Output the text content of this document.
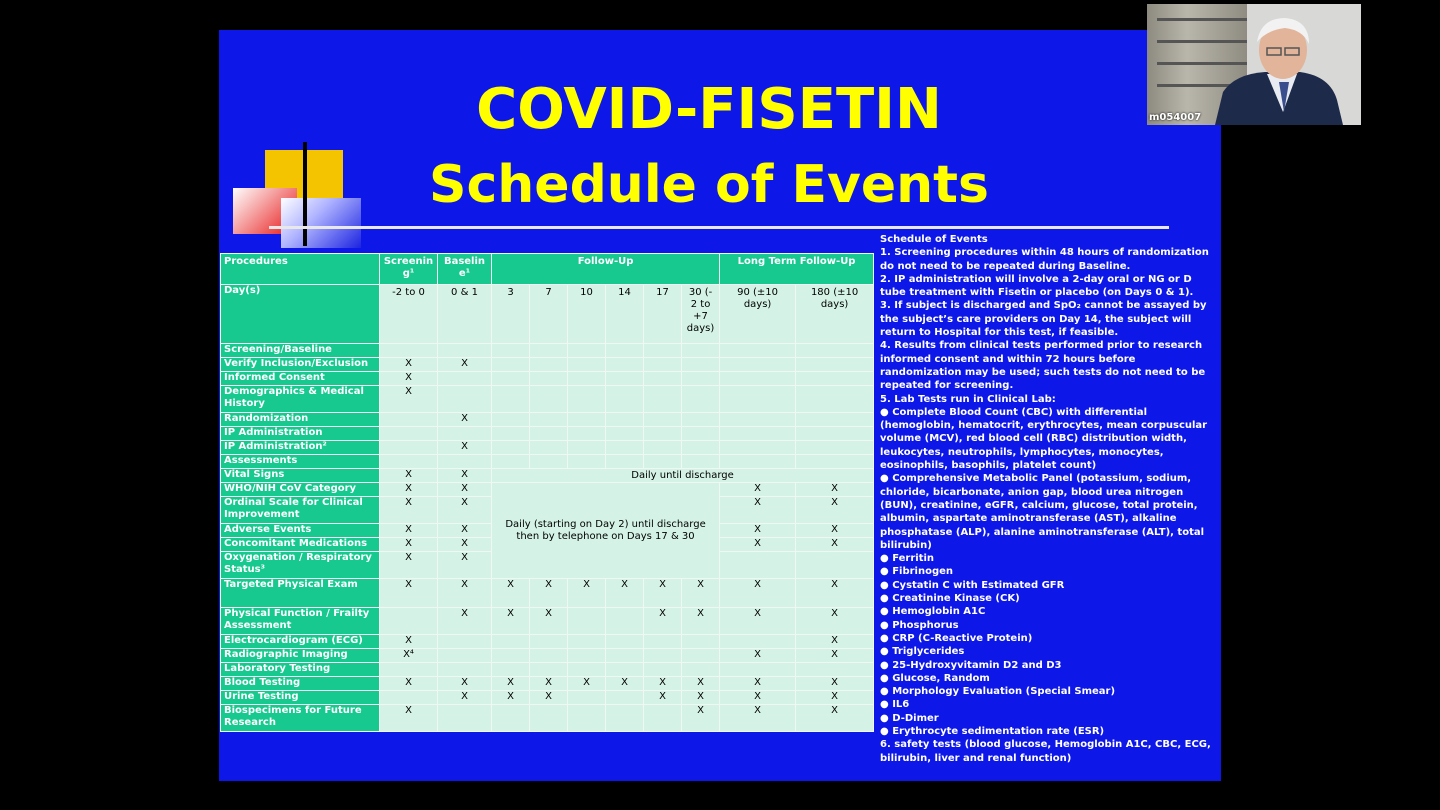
COVID-FISETIN
Schedule of Events
Procedures	Screenin g¹	Baselin e¹	Follow-Up						Long Term Follow-Up	
Day(s)	-2 to 0	0 & 1	3	7	10	14	17	30 (- 2 to +7 days)	90 (±10 days)	180 (±10 days)
Screening/Baseline										
Verify Inclusion/Exclusion	X	X								
Informed Consent	X									
Demographics & Medical History	X									
Randomization		X								
IP Administration										
IP Administration²		X								
Assessments										
Vital Signs	X	X	Daily until discharge							
WHO/NIH CoV Category	X	X	Daily (starting on Day 2) until discharge then by telephone on Days 17 & 30						X	X
Ordinal Scale for Clinical Improvement	X	X							X	X
Adverse Events	X	X							X	X
Concomitant Medications	X	X							X	X
Oxygenation / Respiratory Status³	X	X								
Targeted Physical Exam	X	X	X	X	X	X	X	X	X	X
Physical Function / Frailty Assessment		X	X	X			X	X	X	X
Electrocardiogram (ECG)	X									X
Radiographic Imaging	X⁴								X	X
Laboratory Testing										
Blood Testing	X	X	X	X	X	X	X	X	X	X
Urine Testing		X	X	X			X	X	X	X
Biospecimens for Future Research	X							X	X	X
Schedule of Events
1. Screening procedures within 48 hours of randomization do not need to be repeated during Baseline.
2. IP administration will involve a 2-day oral or NG or D tube treatment with Fisetin or placebo (on Days 0 & 1).
3. If subject is discharged and SpO₂ cannot be assayed by the subject’s care providers on Day 14, the subject will return to Hospital for this test, if feasible.
4. Results from clinical tests performed prior to research informed consent and within 72 hours before randomization may be used; such tests do not need to be repeated for screening.
5. Lab Tests run in Clinical Lab:
● Complete Blood Count (CBC) with differential (hemoglobin, hematocrit, erythrocytes, mean corpuscular volume (MCV), red blood cell (RBC) distribution width, leukocytes, neutrophils, lymphocytes, monocytes, eosinophils, basophils, platelet count)
● Comprehensive Metabolic Panel (potassium, sodium, chloride, bicarbonate, anion gap, blood urea nitrogen (BUN), creatinine, eGFR, calcium, glucose, total protein, albumin, aspartate aminotransferase (AST), alkaline phosphatase (ALP), alanine aminotransferase (ALT), total bilirubin)
● Ferritin
● Fibrinogen
● Cystatin C with Estimated GFR
● Creatinine Kinase (CK)
● Hemoglobin A1C
● Phosphorus
● CRP (C-Reactive Protein)
● Triglycerides
● 25-Hydroxyvitamin D2 and D3
● Glucose, Random
● Morphology Evaluation (Special Smear)
● IL6
● D-Dimer
● Erythrocyte sedimentation rate (ESR)
6. safety tests (blood glucose, Hemoglobin A1C, CBC, ECG, bilirubin, liver and renal function)
m054007
